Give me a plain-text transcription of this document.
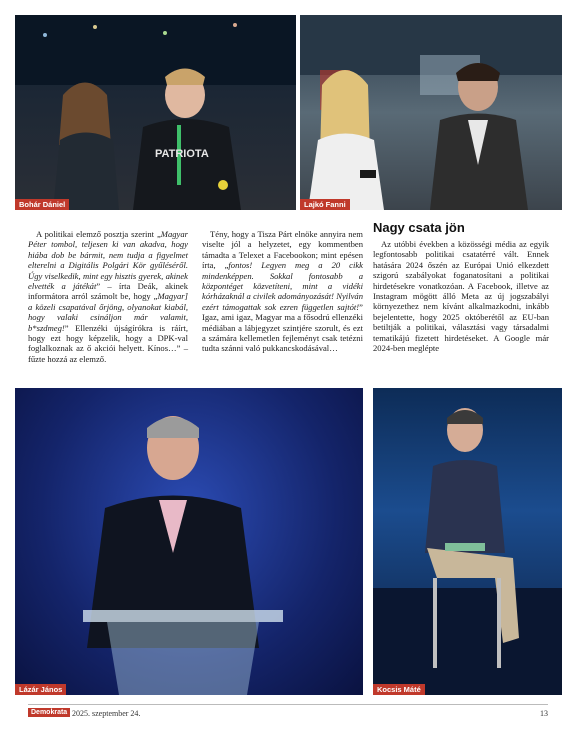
PATRIOTA
Bohár Dániel	Lajkó Fanni

A politikai elemző posztja szerint „Magyar Péter tombol, teljesen ki van akadva, hogy hiába dob be bármit, nem tudja a figyelmet elterelni a Digitális Polgári Kör gyűléséről. Úgy viselkedik, mint egy hisztis gyerek, akinek elvették a játékát” – írta Deák, akinek informátora arról számolt be, hogy „Magyar] a közeli csapatával őrjöng, olyanokat kiabál, hogy valaki csináljon már valamit, b*szdmeg!” Ellenzéki újságírókra is ráírt, hogy ezt hogy képzelik, hogy a DPK-val foglalkoznak az ő akciói helyett. Kínos…” – fűzte hozzá az elemző.

Tény, hogy a Tisza Párt elnöke annyira nem viselte jól a helyzetet, egy kommentben támadta a Telexet a Facebookon; mint epésen írta, „fontos! Legyen meg a 20 cikk mindenképpen. Sokkal fontosabb a központéget közvetíteni, mint a vidéki kórházaknál a civilek adományozását! Nyilván ezért támogattak sok ezren független sajtót!” Igaz, ami igaz, Magyar ma a fősodrú ellenzéki médiában a lábjegyzet szintjére szorult, és ezt a számára kellemetlen fejleményt csak tetézni tudta szánni való pukkancskodásával…

Nagy csata jön

Az utóbbi években a közösségi média az egyik legfontosabb politikai csatatérré vált. Ennek hatására 2024 őszén az Európai Unió elkezdett szigorú szabályokat foganatosítani a politikai hirdetésekre vonatkozóan. A Facebook, illetve az Instagram mögött álló Meta az új jogszabályi környezethez nem kívánt alkalmazkodni, inkább bejelentette, hogy 2025 októberétől az EU-ban betiltják a politikai, választási vagy társadalmi tematikájú fizetett hirdetéseket. A Google már 2024-ben meglépte

Lázár János	Kocsis Máté
Demokrata 2025. szeptember 24.	13
